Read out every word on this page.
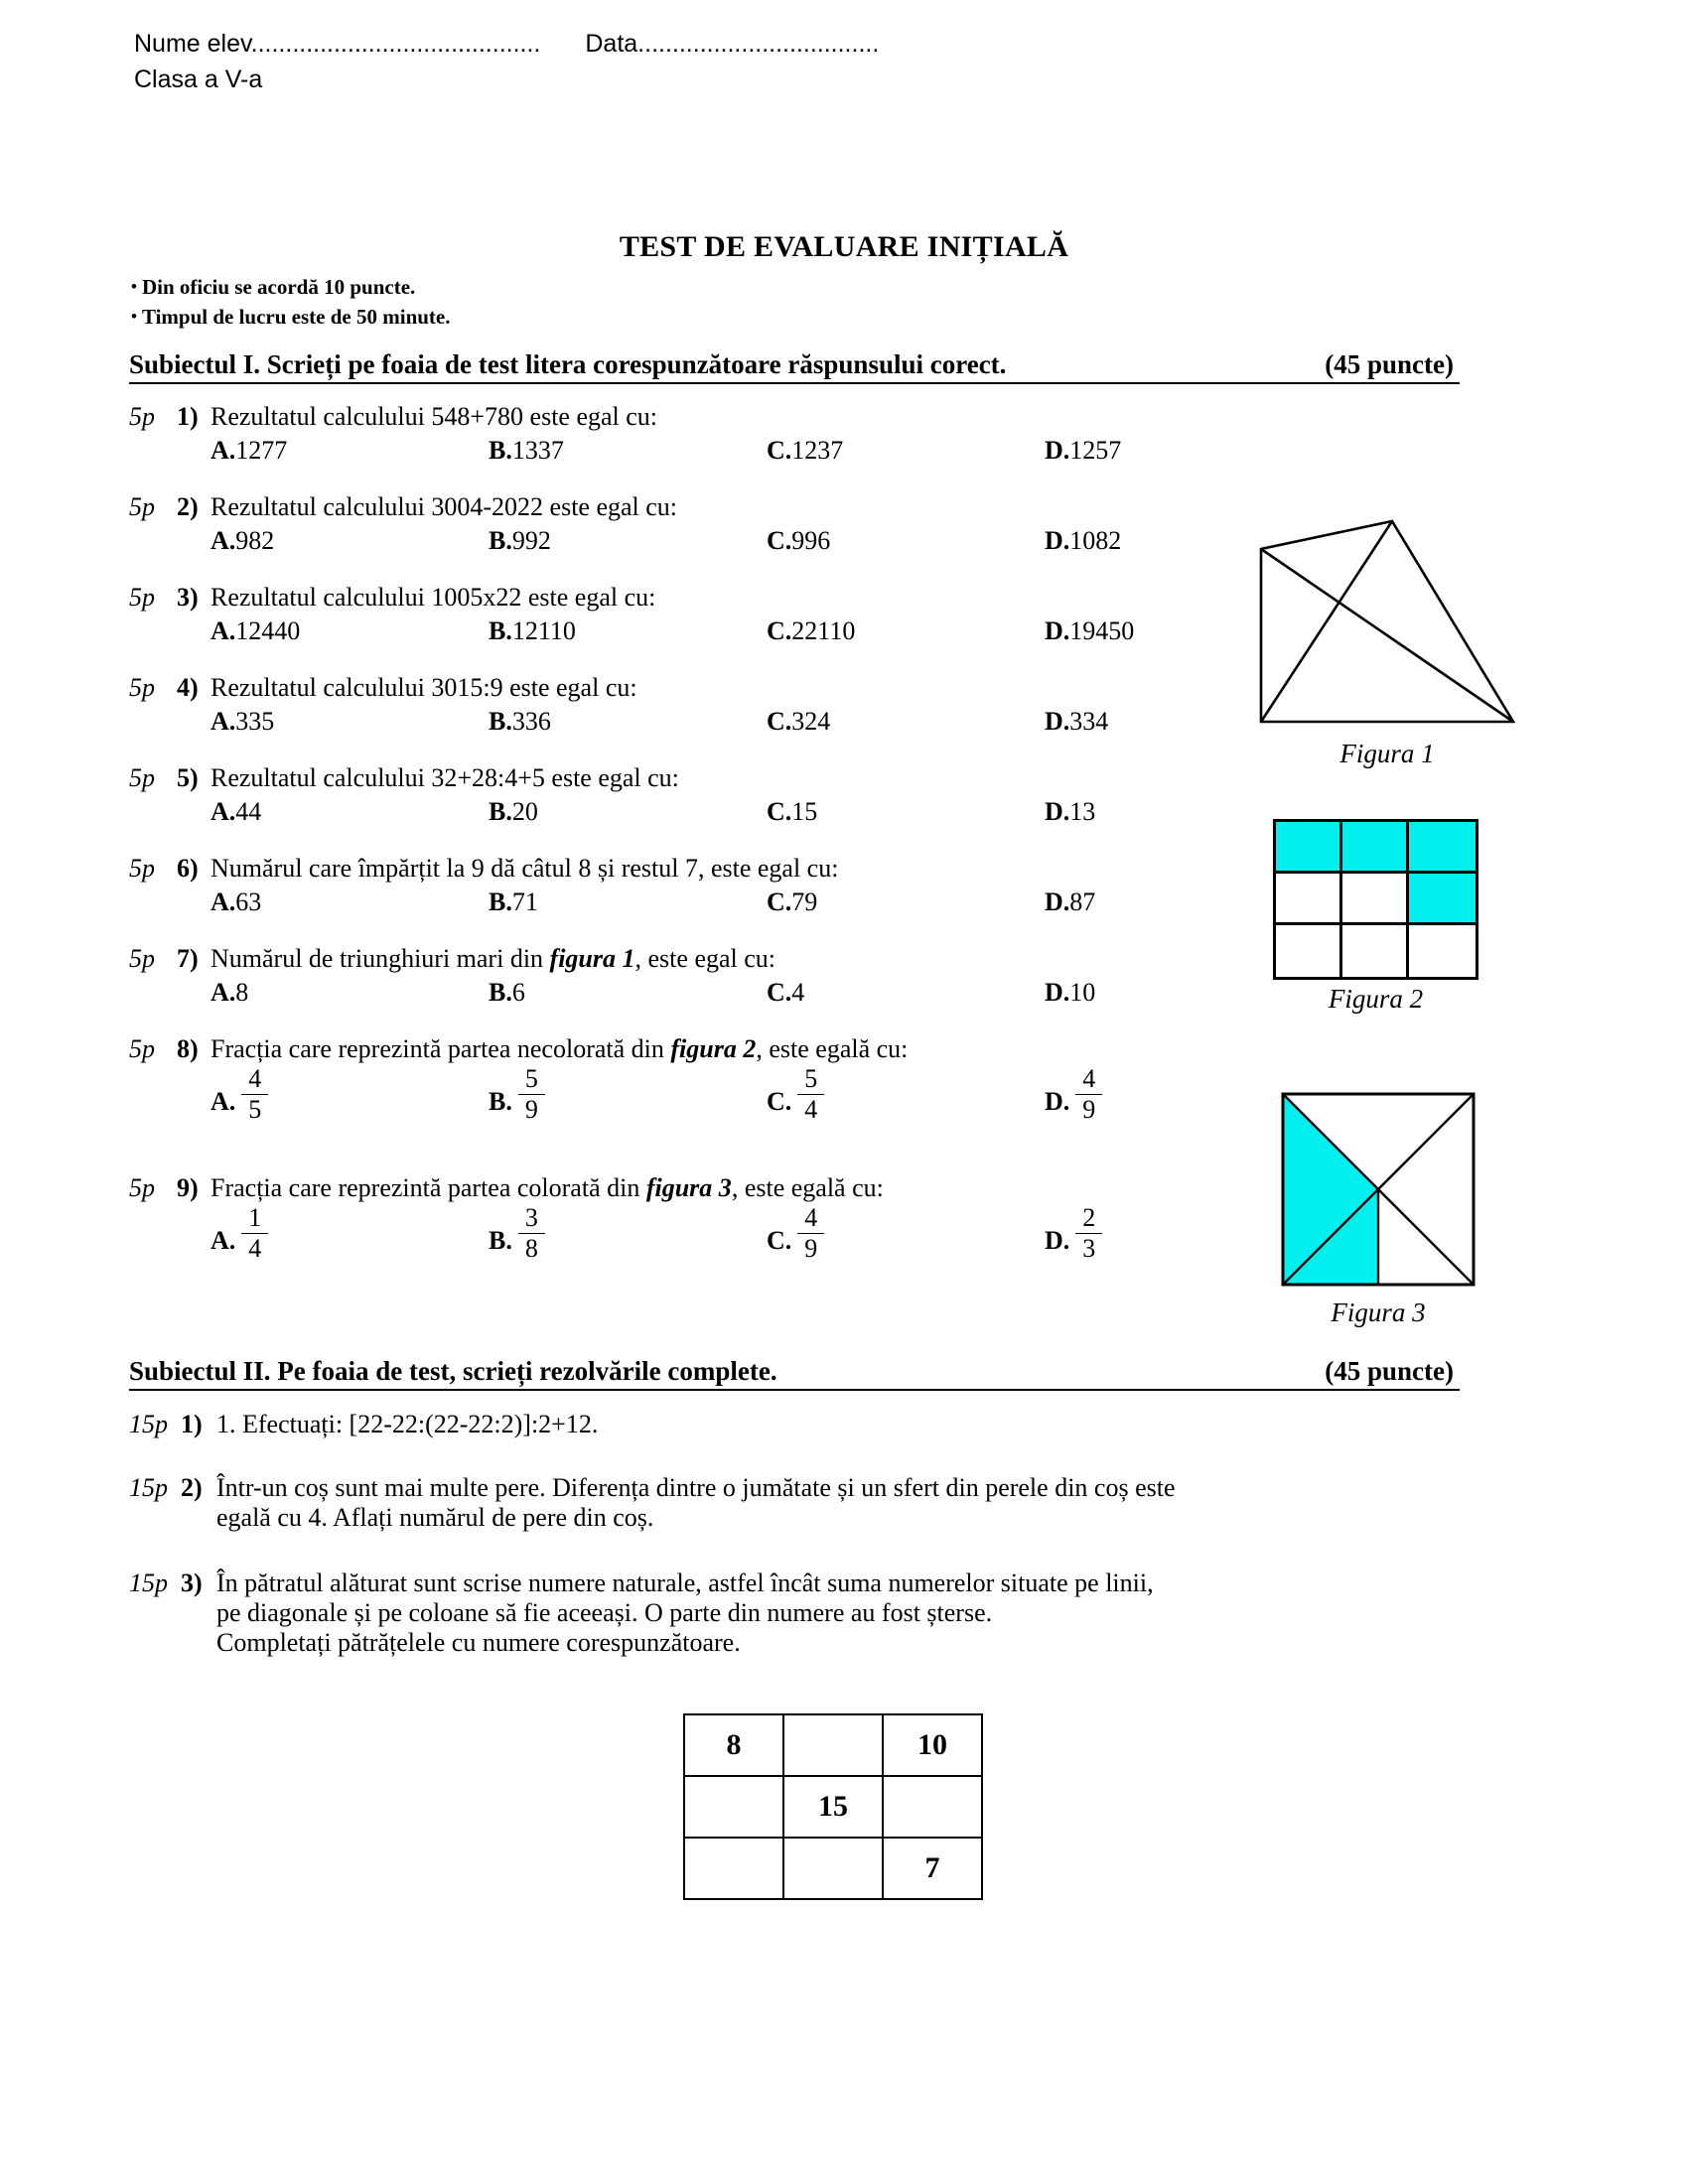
Nume elev.......................................... Data...................................
Clasa a V-a
TEST DE EVALUARE INIȚIALĂ
• Din oficiu se acordă 10 puncte.
• Timpul de lucru este de 50 minute.
Subiectul I. Scrieți pe foaia de test litera corespunzătoare răspunsului corect.	(45 puncte)
5p 1) Rezultatul calculului 548+780 este egal cu:
A. 1277	B. 1337	C. 1237	D. 1257
5p 2) Rezultatul calculului 3004-2022 este egal cu:
A. 982	B. 992	C. 996	D. 1082
5p 3) Rezultatul calculului 1005x22 este egal cu:
A. 12440	B. 12110	C. 22110	D. 19450
5p 4) Rezultatul calculului 3015:9 este egal cu:
A. 335	B. 336	C. 324	D. 334
5p 5) Rezultatul calculului 32+28:4+5 este egal cu:
A. 44	B. 20	C. 15	D. 13
5p 6) Numărul care împărțit la 9 dă câtul 8 și restul 7, este egal cu:
A. 63	B. 71	C. 79	D. 87
5p 7) Numărul de triunghiuri mari din figura 1, este egal cu:
A. 8	B. 6	C. 4	D. 10
5p 8) Fracția care reprezintă partea necolorată din figura 2, este egală cu:
A. $\frac{4}{5}$	B. $\frac{5}{9}$	C. $\frac{5}{4}$	D. $\frac{4}{9}$
5p 9) Fracția care reprezintă partea colorată din figura 3, este egală cu:
A. $\frac{1}{4}$	B. $\frac{3}{8}$	C. $\frac{4}{9}$	D. $\frac{2}{3}$
Figura 1
Figura 2
Figura 3
Subiectul II. Pe foaia de test, scrieți rezolvările complete.	(45 puncte)
15p 1) 1. Efectuați: [22-22:(22-22:2)]:2+12.
15p 2) Într-un coș sunt mai multe pere. Diferența dintre o jumătate și un sfert din perele din coș este
egală cu 4. Aflați numărul de pere din coș.
15p 3) În pătratul alăturat sunt scrise numere naturale, astfel încât suma numerelor situate pe linii,
pe diagonale și pe coloane să fie aceeași. O parte din numere au fost șterse.
Completați pătrățelele cu numere corespunzătoare.
8		10
	15	
		7
